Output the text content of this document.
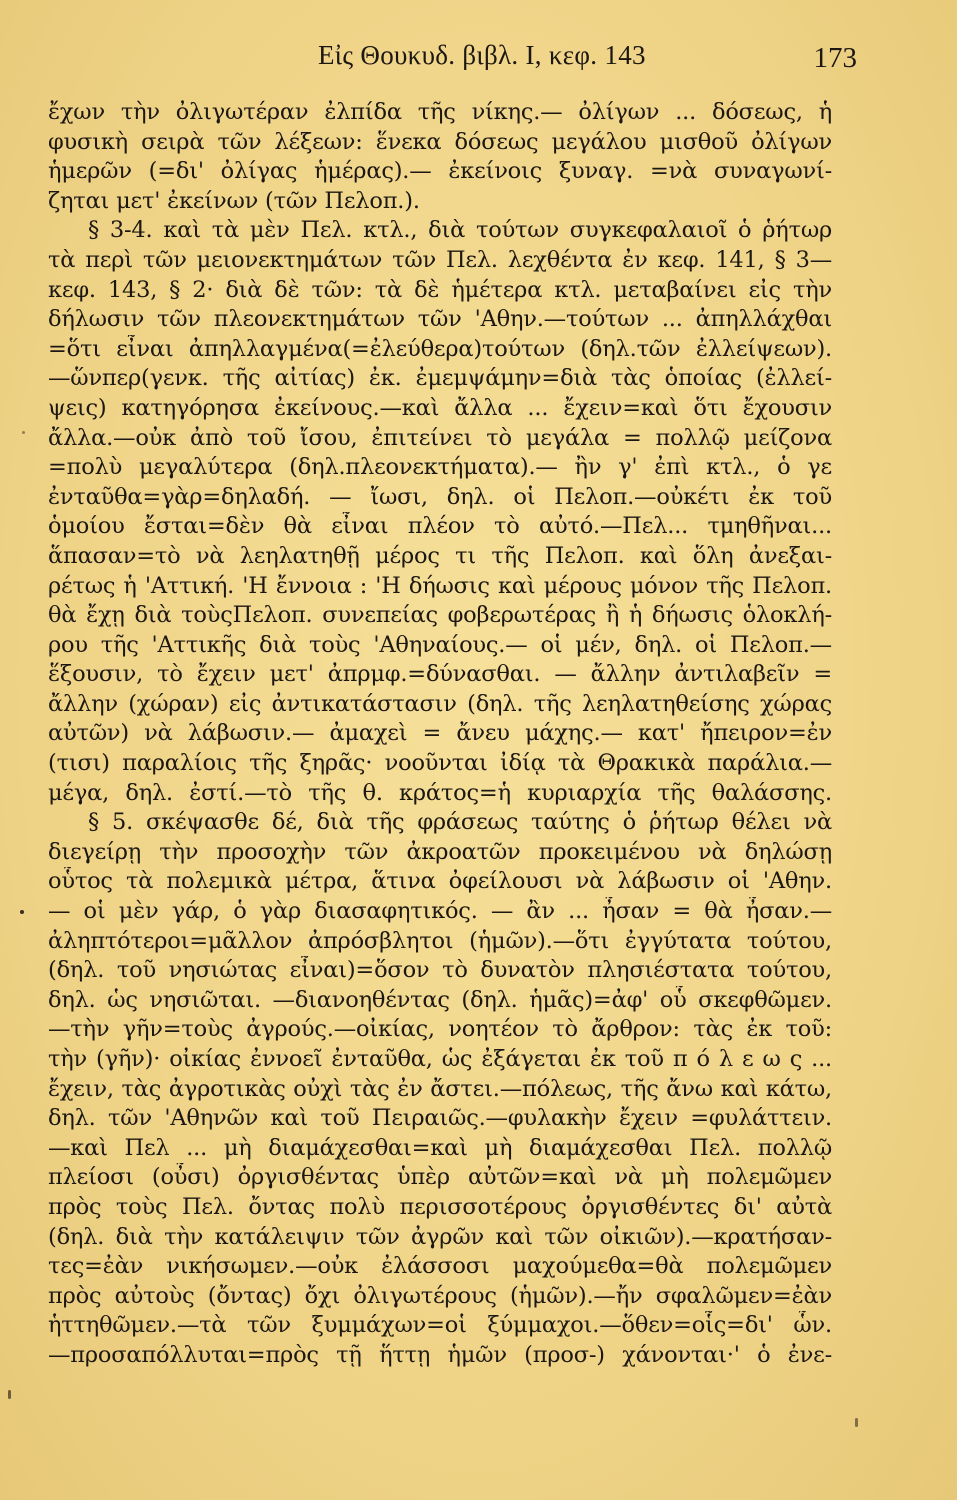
Εἰς Θουκυδ. βιβλ. I, κεφ. 143	173
ἔχων τὴν ὀλιγωτέραν ἐλπίδα τῆς νίκης.— ὀλίγων ... δόσεως, ἡ
φυσικὴ σειρὰ τῶν λέξεων: ἕνεκα δόσεως μεγάλου μισθοῦ ὀλίγων
ἡμερῶν (=δι' ὀλίγας ἡμέρας).— ἐκείνοις ξυναγ. =νὰ συναγωνί-
ζηται μετ' ἐκείνων (τῶν Πελοπ.).
§ 3-4. καὶ τὰ μὲν Πελ. κτλ., διὰ τούτων συγκεφαλαιοῖ ὁ ῥήτωρ
τὰ περὶ τῶν μειονεκτημάτων τῶν Πελ. λεχθέντα ἐν κεφ. 141, § 3—
κεφ. 143, § 2· διὰ δὲ τῶν: τὰ δὲ ἡμέτερα κτλ. μεταβαίνει εἰς τὴν
δήλωσιν τῶν πλεονεκτημάτων τῶν 'Αθην.—τούτων ... ἀπηλλάχθαι
=ὅτι εἶναι ἀπηλλαγμένα(=ἐλεύθερα)τούτων (δηλ.τῶν ἐλλείψεων).
—ὥνπερ(γενκ. τῆς αἰτίας) ἐκ. ἐμεμψάμην=διὰ τὰς ὁποίας (ἐλλεί-
ψεις) κατηγόρησα ἐκείνους.—καὶ ἄλλα ... ἔχειν=καὶ ὅτι ἔχουσιν
ἄλλα.—οὐκ ἀπὸ τοῦ ἴσου, ἐπιτείνει τὸ μεγάλα = πολλῷ μείζονα
=πολὺ μεγαλύτερα (δηλ.πλεονεκτήματα).— ἢν γ' ἐπὶ κτλ., ὁ γε
ἐνταῦθα=γὰρ=δηλαδή. — ἴωσι, δηλ. οἱ Πελοπ.—οὐκέτι ἐκ τοῦ
ὁμοίου ἔσται=δὲν θὰ εἶναι πλέον τὸ αὐτό.—Πελ... τμηθῆναι...
ἅπασαν=τὸ νὰ λεηλατηθῇ μέρος τι τῆς Πελοπ. καὶ ὅλη ἀνεξαι-
ρέτως ἡ 'Αττική. 'Η ἔννοια : 'Η δήωσις καὶ μέρους μόνον τῆς Πελοπ.
θὰ ἔχῃ διὰ τοὺςΠελοπ. συνεπείας φοβερωτέρας ἢ ἡ δήωσις ὁλοκλή-
ρου τῆς 'Αττικῆς διὰ τοὺς 'Αθηναίους.— οἱ μέν, δηλ. οἱ Πελοπ.—
ἕξουσιν, τὸ ἔχειν μετ' ἀπρμφ.=δύνασθαι. — ἄλλην ἀντιλαβεῖν =
ἄλλην (χώραν) εἰς ἀντικατάστασιν (δηλ. τῆς λεηλατηθείσης χώρας
αὐτῶν) νὰ λάβωσιν.— ἀμαχεὶ = ἄνευ μάχης.— κατ' ἤπειρον=ἐν
(τισι) παραλίοις τῆς ξηρᾶς· νοοῦνται ἰδίᾳ τὰ Θρακικὰ παράλια.—
μέγα, δηλ. ἐστί.—τὸ τῆς θ. κράτος=ἡ κυριαρχία τῆς θαλάσσης.
§ 5. σκέψασθε δέ, διὰ τῆς φράσεως ταύτης ὁ ῥήτωρ θέλει νὰ
διεγείρῃ τὴν προσοχὴν τῶν ἀκροατῶν προκειμένου νὰ δηλώσῃ
οὗτος τὰ πολεμικὰ μέτρα, ἅτινα ὀφείλουσι νὰ λάβωσιν οἱ 'Αθην.
— οἱ μὲν γάρ, ὁ γὰρ διασαφητικός. — ἂν ... ἦσαν = θὰ ἦσαν.—
ἀληπτότεροι=μᾶλλον ἀπρόσβλητοι (ἡμῶν).—ὅτι ἐγγύτατα τούτου,
(δηλ. τοῦ νησιώτας εἶναι)=ὅσον τὸ δυνατὸν πλησιέστατα τούτου,
δηλ. ὡς νησιῶται. —διανοηθέντας (δηλ. ἡμᾶς)=ἀφ' οὗ σκεφθῶμεν.
—τὴν γῆν=τοὺς ἀγρούς.—οἰκίας, νοητέον τὸ ἄρθρον: τὰς ἐκ τοῦ:
τὴν (γῆν)· οἰκίας ἐννοεῖ ἐνταῦθα, ὡς ἐξάγεται ἐκ τοῦ π ό λ ε ω ς ...
ἔχειν, τὰς ἀγροτικὰς οὐχὶ τὰς ἐν ἄστει.—πόλεως, τῆς ἄνω καὶ κάτω,
δηλ. τῶν 'Αθηνῶν καὶ τοῦ Πειραιῶς.—φυλακὴν ἔχειν =φυλάττειν.
—καὶ Πελ ... μὴ διαμάχεσθαι=καὶ μὴ διαμάχεσθαι Πελ. πολλῷ
πλείοσι (οὖσι) ὀργισθέντας ὑπὲρ αὐτῶν=καὶ νὰ μὴ πολεμῶμεν
πρὸς τοὺς Πελ. ὄντας πολὺ περισσοτέρους ὀργισθέντες δι' αὐτὰ
(δηλ. διὰ τὴν κατάλειψιν τῶν ἀγρῶν καὶ τῶν οἰκιῶν).—κρατήσαν-
τες=ἐὰν νικήσωμεν.—οὐκ ἐλάσσοσι μαχούμεθα=θὰ πολεμῶμεν
πρὸς αὐτοὺς (ὄντας) ὄχι ὀλιγωτέρους (ἡμῶν).—ἤν σφαλῶμεν=ἐὰν
ἡττηθῶμεν.—τὰ τῶν ξυμμάχων=οἱ ξύμμαχοι.—ὅθεν=οἷς=δι' ὧν.
—προσαπόλλυται=πρὸς τῇ ἥττῃ ἡμῶν (προσ-) χάνονται·' ὁ ἐνε-
